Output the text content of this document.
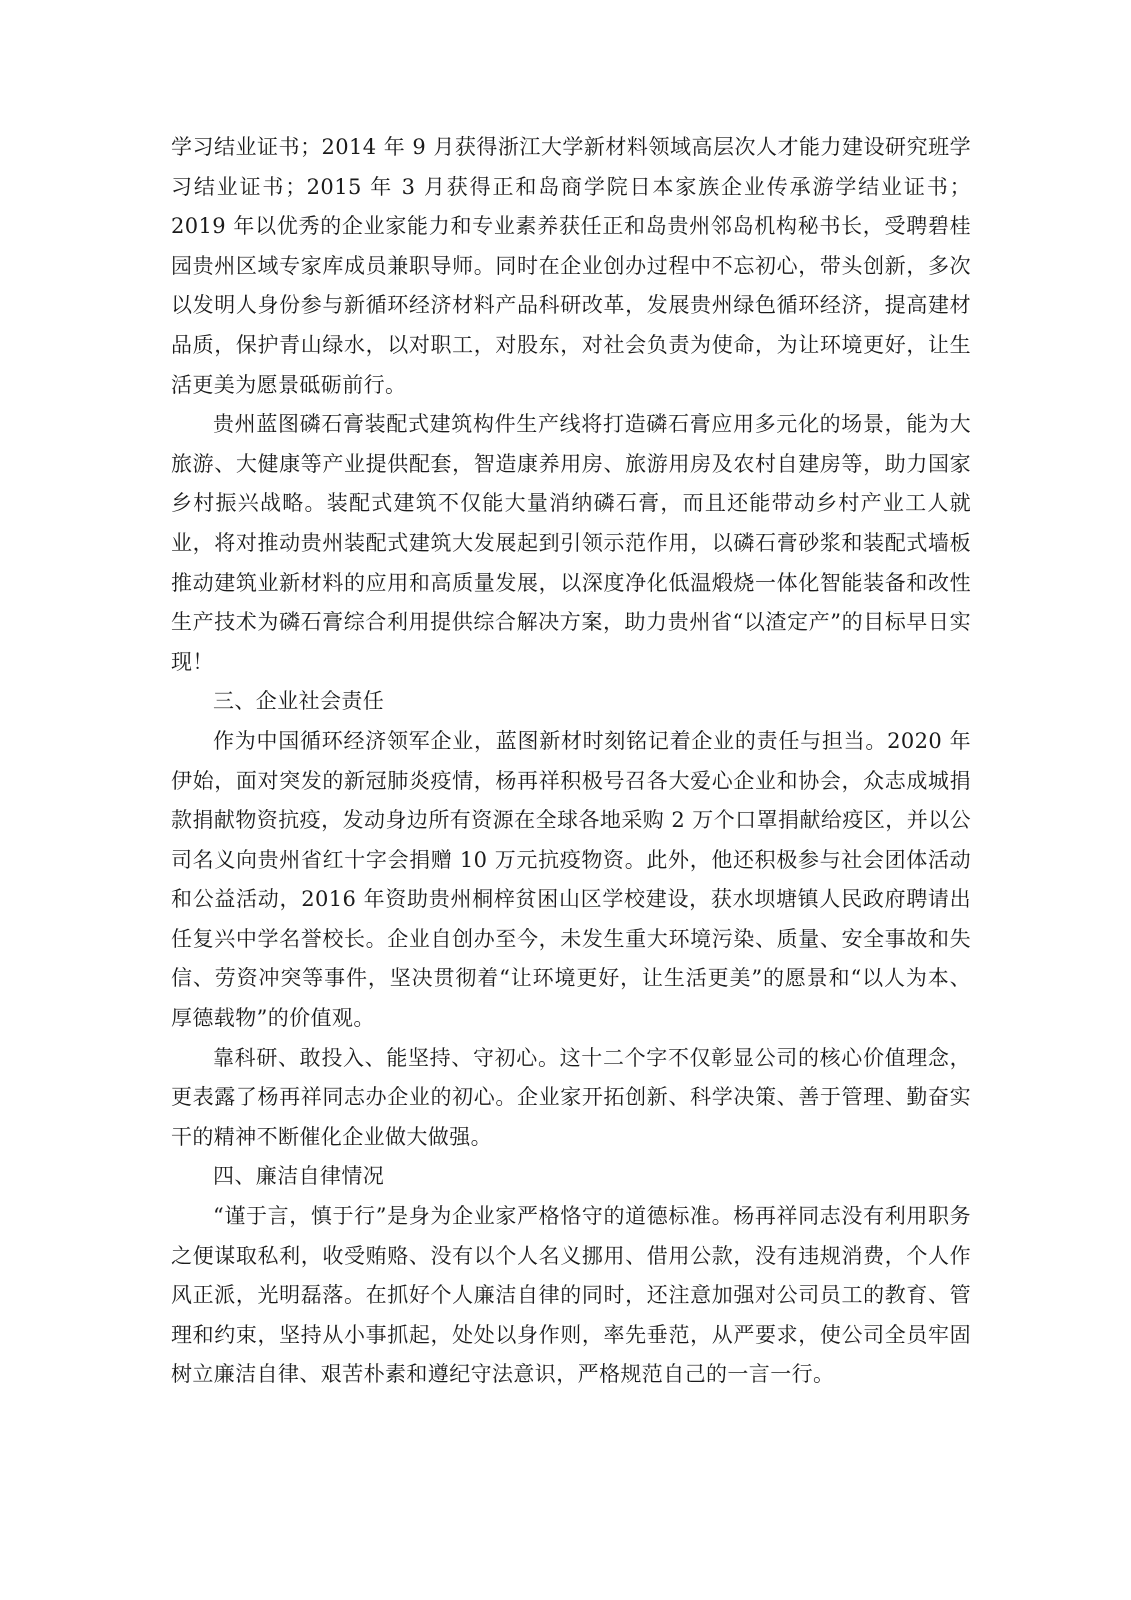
学习结业证书；2014 年 9 月获得浙江大学新材料领域高层次人才能力建设研究班学习结业证书；2015 年 3 月获得正和岛商学院日本家族企业传承游学结业证书；2019 年以优秀的企业家能力和专业素养获任正和岛贵州邻岛机构秘书长，受聘碧桂园贵州区域专家库成员兼职导师。同时在企业创办过程中不忘初心，带头创新，多次以发明人身份参与新循环经济材料产品科研改革，发展贵州绿色循环经济，提高建材品质，保护青山绿水，以对职工，对股东，对社会负责为使命，为让环境更好，让生活更美为愿景砥砺前行。

贵州蓝图磷石膏装配式建筑构件生产线将打造磷石膏应用多元化的场景，能为大旅游、大健康等产业提供配套，智造康养用房、旅游用房及农村自建房等，助力国家乡村振兴战略。装配式建筑不仅能大量消纳磷石膏，而且还能带动乡村产业工人就业，将对推动贵州装配式建筑大发展起到引领示范作用，以磷石膏砂浆和装配式墙板推动建筑业新材料的应用和高质量发展，以深度净化低温煅烧一体化智能装备和改性生产技术为磷石膏综合利用提供综合解决方案，助力贵州省“以渣定产”的目标早日实现！

三、企业社会责任

作为中国循环经济领军企业，蓝图新材时刻铭记着企业的责任与担当。2020 年伊始，面对突发的新冠肺炎疫情，杨再祥积极号召各大爱心企业和协会，众志成城捐款捐献物资抗疫，发动身边所有资源在全球各地采购 2 万个口罩捐献给疫区，并以公司名义向贵州省红十字会捐赠 10 万元抗疫物资。此外，他还积极参与社会团体活动和公益活动，2016 年资助贵州桐梓贫困山区学校建设，获水坝塘镇人民政府聘请出任复兴中学名誉校长。企业自创办至今，未发生重大环境污染、质量、安全事故和失信、劳资冲突等事件，坚决贯彻着“让环境更好，让生活更美”的愿景和“以人为本、厚德载物”的价值观。

靠科研、敢投入、能坚持、守初心。这十二个字不仅彰显公司的核心价值理念，更表露了杨再祥同志办企业的初心。企业家开拓创新、科学决策、善于管理、勤奋实干的精神不断催化企业做大做强。

四、廉洁自律情况

“谨于言，慎于行”是身为企业家严格恪守的道德标准。杨再祥同志没有利用职务之便谋取私利，收受贿赂、没有以个人名义挪用、借用公款，没有违规消费，个人作风正派，光明磊落。在抓好个人廉洁自律的同时，还注意加强对公司员工的教育、管理和约束，坚持从小事抓起，处处以身作则，率先垂范，从严要求，使公司全员牢固树立廉洁自律、艰苦朴素和遵纪守法意识，严格规范自己的一言一行。
